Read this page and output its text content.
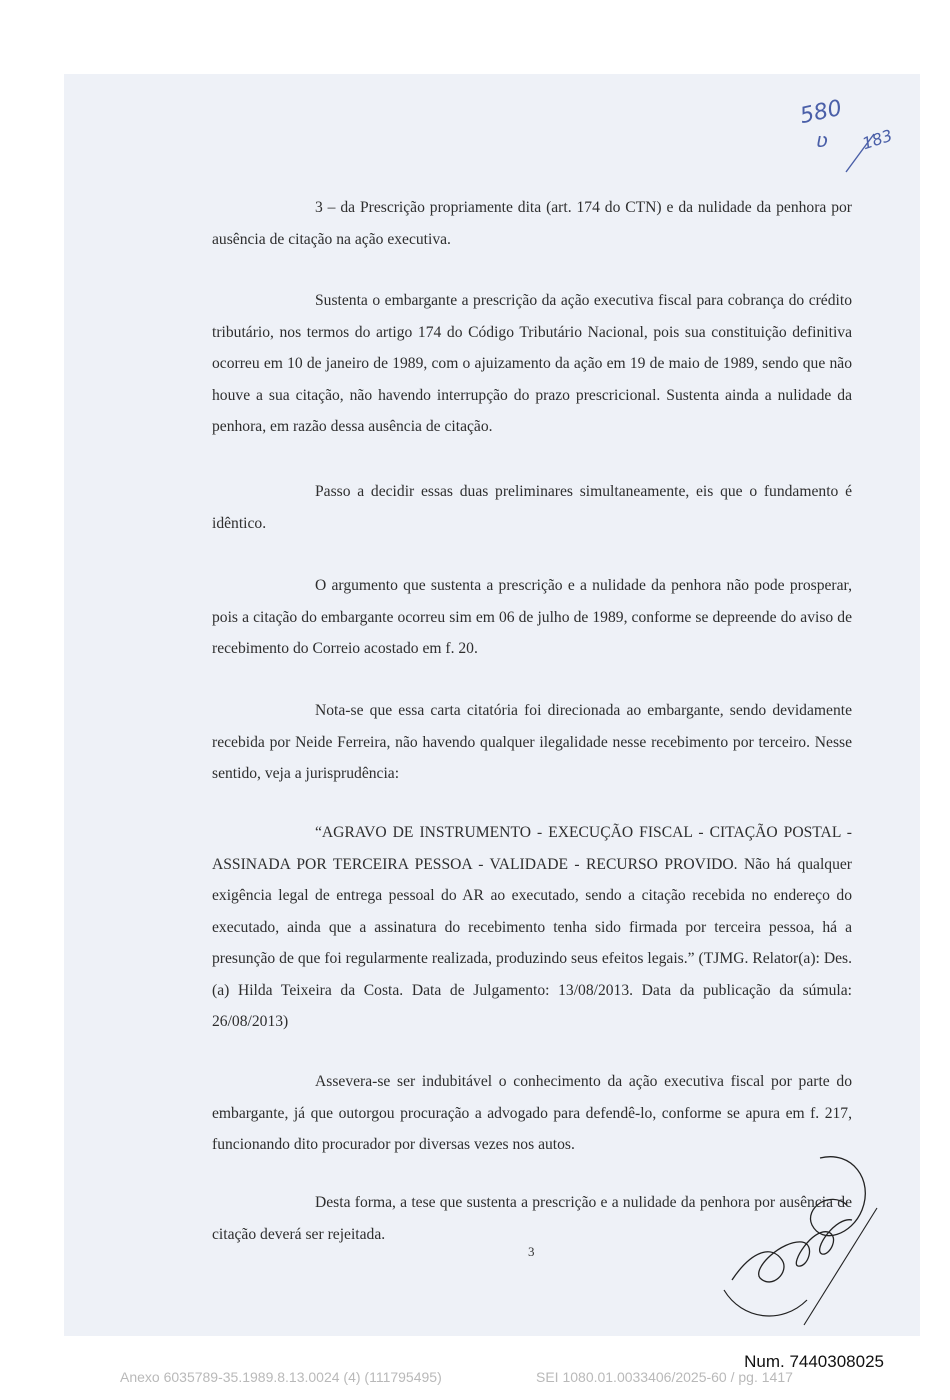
580
ʋ 183

3 – da Prescrição propriamente dita (art. 174 do CTN) e da nulidade da penhora por ausência de citação na ação executiva.

Sustenta o embargante a prescrição da ação executiva fiscal para cobrança do crédito tributário, nos termos do artigo 174 do Código Tributário Nacional, pois sua constituição definitiva ocorreu em 10 de janeiro de 1989, com o ajuizamento da ação em 19 de maio de 1989, sendo que não houve a sua citação, não havendo interrupção do prazo prescricional. Sustenta ainda a nulidade da penhora, em razão dessa ausência de citação.

Passo a decidir essas duas preliminares simultaneamente, eis que o fundamento é idêntico.

O argumento que sustenta a prescrição e a nulidade da penhora não pode prosperar, pois a citação do embargante ocorreu sim em 06 de julho de 1989, conforme se depreende do aviso de recebimento do Correio acostado em f. 20.

Nota-se que essa carta citatória foi direcionada ao embargante, sendo devidamente recebida por Neide Ferreira, não havendo qualquer ilegalidade nesse recebimento por terceiro. Nesse sentido, veja a jurisprudência:

“AGRAVO DE INSTRUMENTO - EXECUÇÃO FISCAL - CITAÇÃO POSTAL - ASSINADA POR TERCEIRA PESSOA - VALIDADE - RECURSO PROVIDO. Não há qualquer exigência legal de entrega pessoal do AR ao executado, sendo a citação recebida no endereço do executado, ainda que a assinatura do recebimento tenha sido firmada por terceira pessoa, há a presunção de que foi regularmente realizada, produzindo seus efeitos legais.” (TJMG. Relator(a): Des.(a) Hilda Teixeira da Costa. Data de Julgamento: 13/08/2013. Data da publicação da súmula: 26/08/2013)

Assevera-se ser indubitável o conhecimento da ação executiva fiscal por parte do embargante, já que outorgou procuração a advogado para defendê-lo, conforme se apura em f. 217, funcionando dito procurador por diversas vezes nos autos.

Desta forma, a tese que sustenta a prescrição e a nulidade da penhora por ausência de citação deverá ser rejeitada.

3
Num. 7440308025
Anexo 6035789-35.1989.8.13.0024 (4) (111795495)	SEI 1080.01.0033406/2025-60 / pg. 1417
